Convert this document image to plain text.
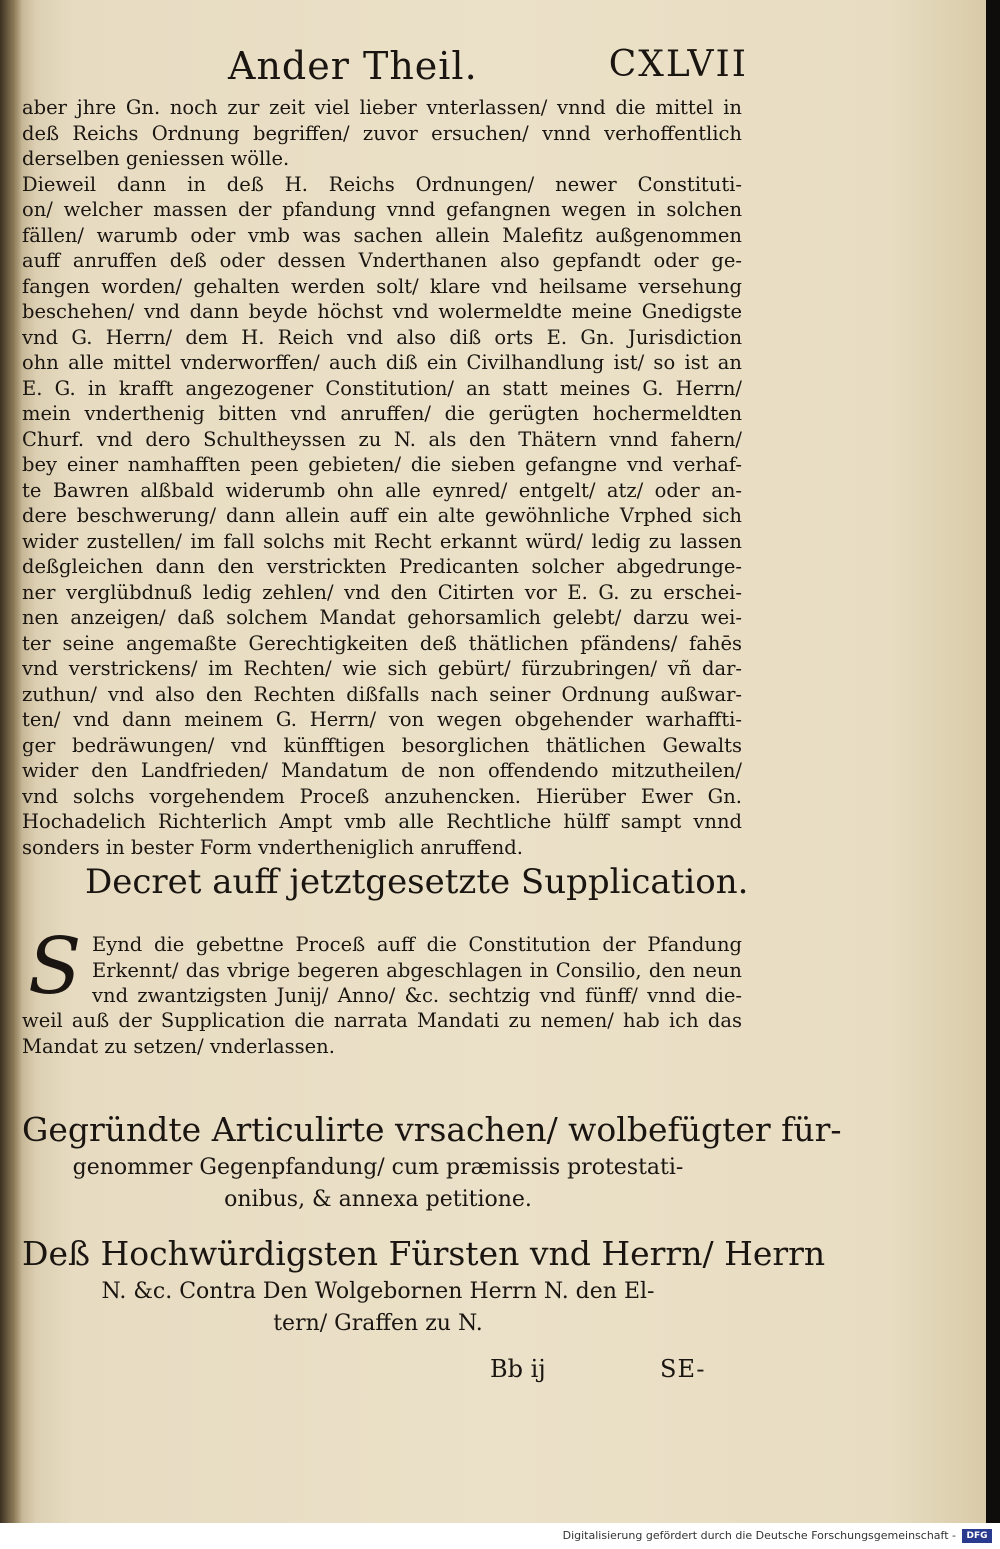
Ander Theil.	CXLVII
aber jhre Gn. noch zur zeit viel lieber vnterlassen/ vnnd die mittel in
deß Reichs Ordnung begriffen/ zuvor ersuchen/ vnnd verhoffentlich
derselben geniessen wölle.
Dieweil dann in deß H. Reichs Ordnungen/ newer Constituti-
on/ welcher massen der pfandung vnnd gefangnen wegen in solchen
fällen/ warumb oder vmb was sachen allein Malefitz außgenommen
auff anruffen deß oder dessen Vnderthanen also gepfandt oder ge-
fangen worden/ gehalten werden solt/ klare vnd heilsame versehung
beschehen/ vnd dann beyde höchst vnd wolermeldte meine Gnedigste
vnd G. Herrn/ dem H. Reich vnd also diß orts E. Gn. Jurisdiction
ohn alle mittel vnderworffen/ auch diß ein Civilhandlung ist/ so ist an
E. G. in krafft angezogener Constitution/ an statt meines G. Herrn/
mein vnderthenig bitten vnd anruffen/ die gerügten hochermeldten
Churf. vnd dero Schultheyssen zu N. als den Thätern vnnd fahern/
bey einer namhafften peen gebieten/ die sieben gefangne vnd verhaf-
te Bawren alßbald widerumb ohn alle eynred/ entgelt/ atz/ oder an-
dere beschwerung/ dann allein auff ein alte gewöhnliche Vrphed sich
wider zustellen/ im fall solchs mit Recht erkannt würd/ ledig zu lassen
deßgleichen dann den verstrickten Predicanten solcher abgedrunge-
ner verglübdnuß ledig zehlen/ vnd den Citirten vor E. G. zu erschei-
nen anzeigen/ daß solchem Mandat gehorsamlich gelebt/ darzu wei-
ter seine angemaßte Gerechtigkeiten deß thätlichen pfändens/ fahēs
vnd verstrickens/ im Rechten/ wie sich gebürt/ fürzubringen/ vñ dar-
zuthun/ vnd also den Rechten dißfalls nach seiner Ordnung außwar-
ten/ vnd dann meinem G. Herrn/ von wegen obgehender warhaffti-
ger bedräwungen/ vnd künfftigen besorglichen thätlichen Gewalts
wider den Landfrieden/ Mandatum de non offendendo mitzutheilen/
vnd solchs vorgehendem Proceß anzuhencken. Hierüber Ewer Gn.
Hochadelich Richterlich Ampt vmb alle Rechtliche hülff sampt vnnd
sonders in bester Form vndertheniglich anruffend.
Decret auff jetztgesetzte Supplication.
S Eynd die gebettne Proceß auff die Constitution der Pfandung
Erkennt/ das vbrige begeren abgeschlagen in Consilio, den neun
vnd zwantzigsten Junij/ Anno/ &c. sechtzig vnd fünff/ vnnd die-
weil auß der Supplication die narrata Mandati zu nemen/ hab ich das
Mandat zu setzen/ vnderlassen.
Gegründte Articulirte vrsachen/ wolbefügter für-
genommer Gegenpfandung/ cum præmissis protestati-
onibus, & annexa petitione.
Deß Hochwürdigsten Fürsten vnd Herrn/ Herrn
N. &c. Contra Den Wolgebornen Herrn N. den El-
tern/ Graffen zu N.
Bb ij	SE-
Digitalisierung gefördert durch die Deutsche Forschungsgemeinschaft -	DFG
